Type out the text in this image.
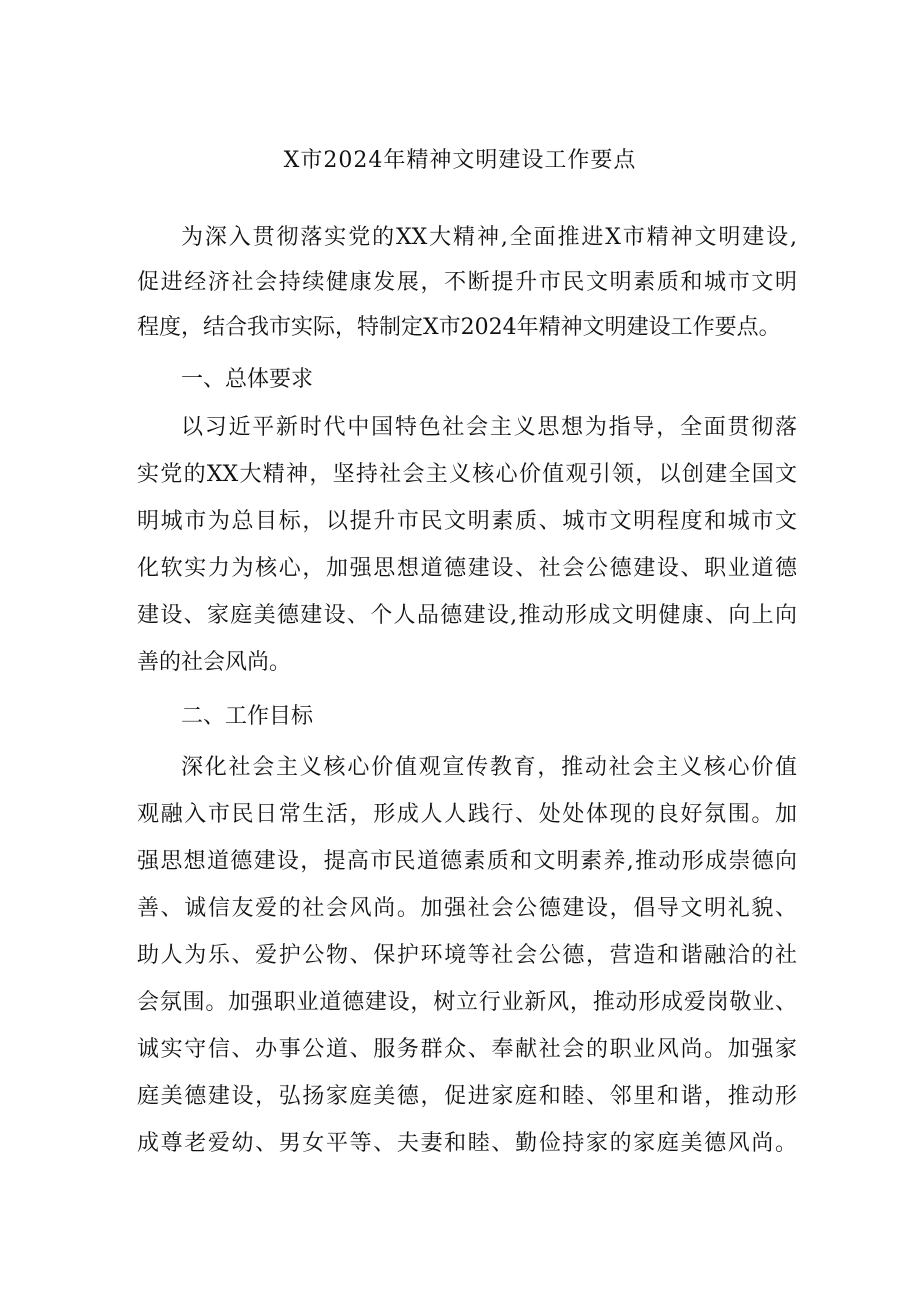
X市2024年精神文明建设工作要点
为深入贯彻落实党的XX大精神,全面推进X市精神文明建设,
促进经济社会持续健康发展，不断提升市民文明素质和城市文明
程度，结合我市实际，特制定X市2024年精神文明建设工作要点。
一、总体要求
以习近平新时代中国特色社会主义思想为指导，全面贯彻落
实党的XX大精神，坚持社会主义核心价值观引领，以创建全国文
明城市为总目标，以提升市民文明素质、城市文明程度和城市文
化软实力为核心，加强思想道德建设、社会公德建设、职业道德
建设、家庭美德建设、个人品德建设,推动形成文明健康、向上向
善的社会风尚。
二、工作目标
深化社会主义核心价值观宣传教育，推动社会主义核心价值
观融入市民日常生活，形成人人践行、处处体现的良好氛围。加
强思想道德建设，提高市民道德素质和文明素养,推动形成崇德向
善、诚信友爱的社会风尚。加强社会公德建设，倡导文明礼貌、
助人为乐、爱护公物、保护环境等社会公德，营造和谐融洽的社
会氛围。加强职业道德建设，树立行业新风，推动形成爱岗敬业、
诚实守信、办事公道、服务群众、奉献社会的职业风尚。加强家
庭美德建设，弘扬家庭美德，促进家庭和睦、邻里和谐，推动形
成尊老爱幼、男女平等、夫妻和睦、勤俭持家的家庭美德风尚。
